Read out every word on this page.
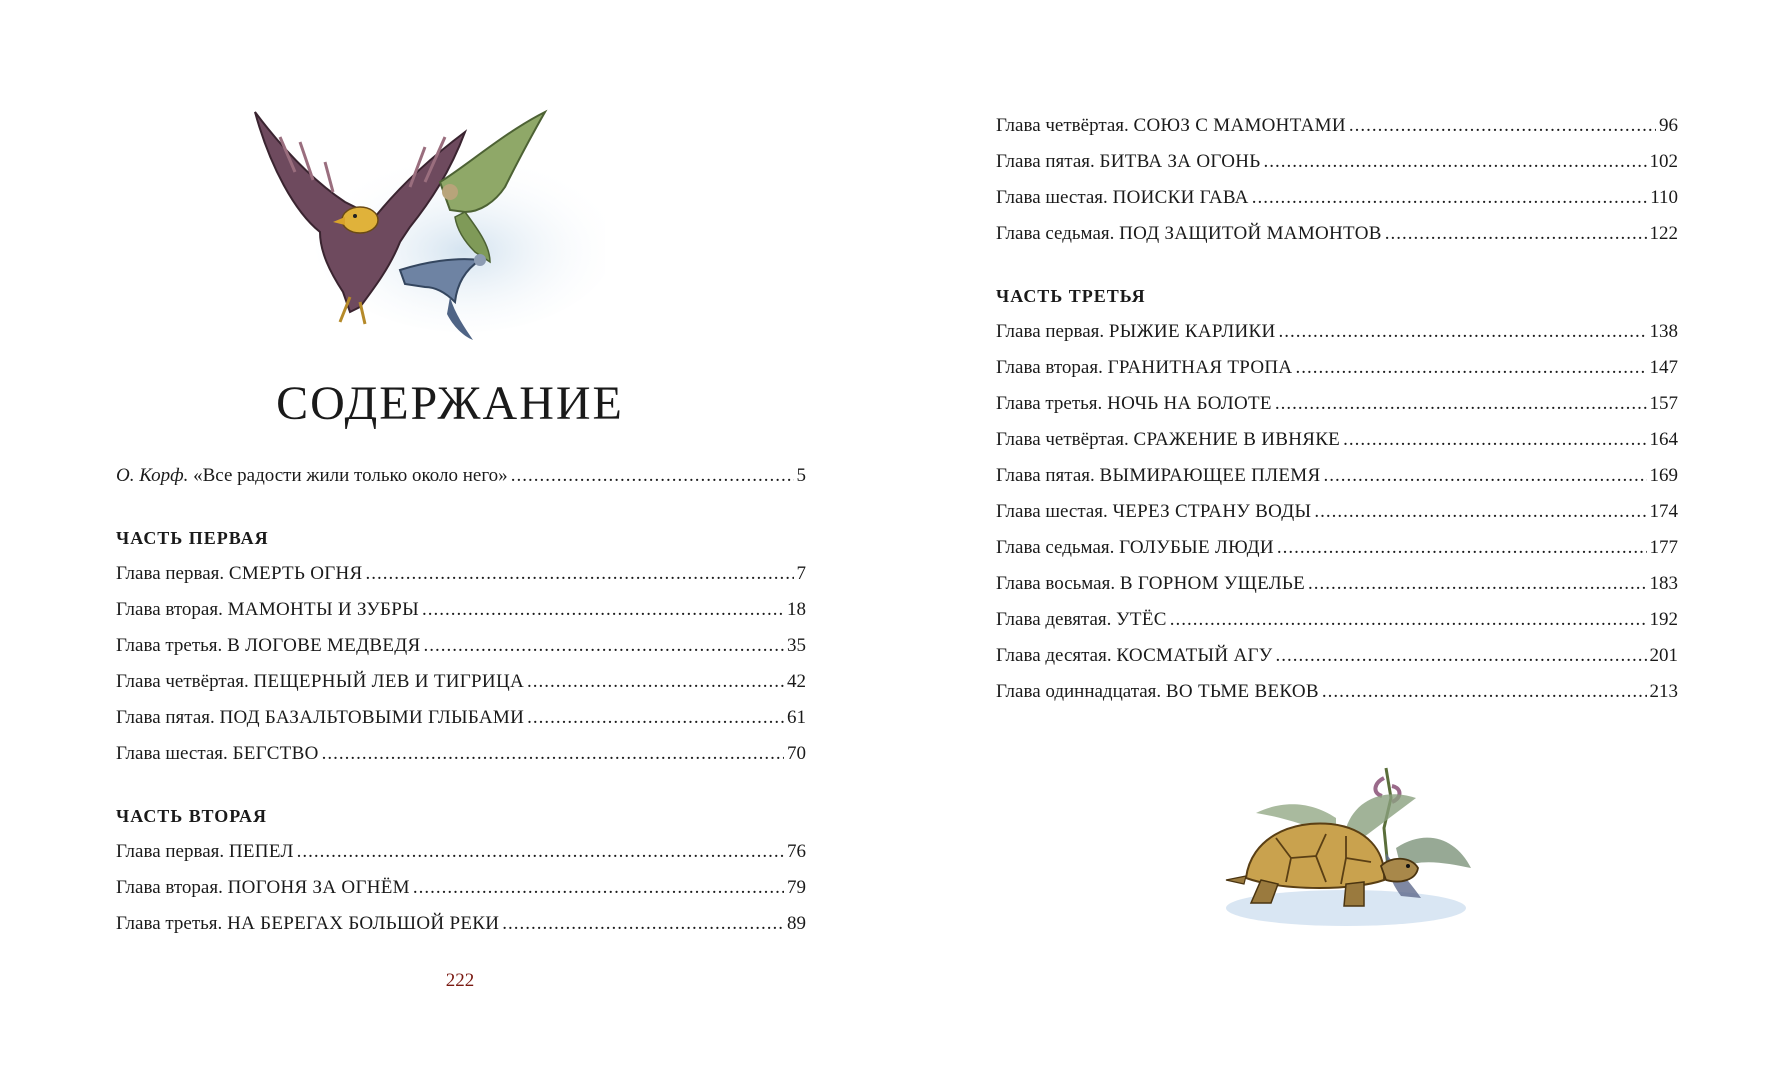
СОДЕРЖАНИЕ
О. Корф. «Все радости жили только около него» .....	5
ЧАСТЬ ПЕРВАЯ
Глава первая. СМЕРТЬ ОГНЯ .....	7
Глава вторая. МАМОНТЫ И ЗУБРЫ .....	18
Глава третья. В ЛОГОВЕ МЕДВЕДЯ .....	35
Глава четвёртая. ПЕЩЕРНЫЙ ЛЕВ И ТИГРИЦА .....	42
Глава пятая. ПОД БАЗАЛЬТОВЫМИ ГЛЫБАМИ .....	61
Глава шестая. БЕГСТВО .....	70
ЧАСТЬ ВТОРАЯ
Глава первая. ПЕПЕЛ .....	76
Глава вторая. ПОГОНЯ ЗА ОГНЁМ .....	79
Глава третья. НА БЕРЕГАХ БОЛЬШОЙ РЕКИ .....	89
222
Глава четвёртая. СОЮЗ С МАМОНТАМИ .....	96
Глава пятая. БИТВА ЗА ОГОНЬ .....	102
Глава шестая. ПОИСКИ ГАВА .....	110
Глава седьмая. ПОД ЗАЩИТОЙ МАМОНТОВ .....	122
ЧАСТЬ ТРЕТЬЯ
Глава первая. РЫЖИЕ КАРЛИКИ .....	138
Глава вторая. ГРАНИТНАЯ ТРОПА .....	147
Глава третья. НОЧЬ НА БОЛОТЕ .....	157
Глава четвёртая. СРАЖЕНИЕ В ИВНЯКЕ .....	164
Глава пятая. ВЫМИРАЮЩЕЕ ПЛЕМЯ .....	169
Глава шестая. ЧЕРЕЗ СТРАНУ ВОДЫ .....	174
Глава седьмая. ГОЛУБЫЕ ЛЮДИ .....	177
Глава восьмая. В ГОРНОМ УЩЕЛЬЕ .....	183
Глава девятая. УТЁС .....	192
Глава десятая. КОСМАТЫЙ АГУ .....	201
Глава одиннадцатая. ВО ТЬМЕ ВЕКОВ .....	213
